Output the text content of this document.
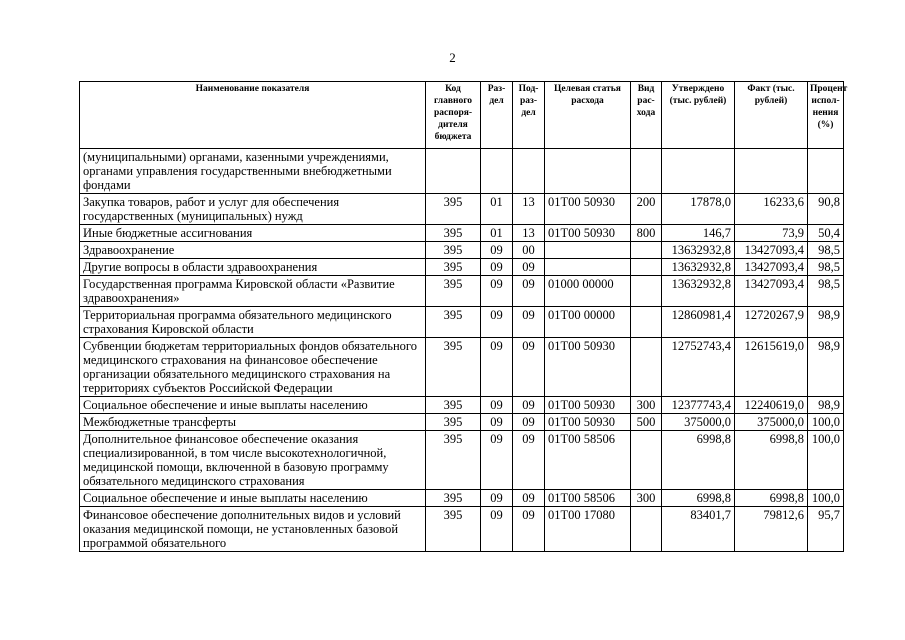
2
Наименование показателя	Код главного распоря-дителя бюджета	Раз-дел	Под-раз-дел	Целевая статья расхода	Вид рас-хода	Утверждено (тыс. рублей)	Факт (тыс. рублей)	Процент испол-нения (%)
(муниципальными) органами, казенными учреждениями, органами управления государственными внебюджетными фондами								
Закупка товаров, работ и услуг для обеспечения государственных (муниципальных) нужд	395	01	13	01Т00 50930	200	17878,0	16233,6	90,8
Иные бюджетные ассигнования	395	01	13	01Т00 50930	800	146,7	73,9	50,4
Здравоохранение	395	09	00			13632932,8	13427093,4	98,5
Другие вопросы в области здравоохранения	395	09	09			13632932,8	13427093,4	98,5
Государственная программа Кировской области «Развитие здравоохранения»	395	09	09	01000 00000		13632932,8	13427093,4	98,5
Территориальная программа обязательного медицинского страхования Кировской области	395	09	09	01Т00 00000		12860981,4	12720267,9	98,9
Субвенции бюджетам территориальных фондов обязательного медицинского страхования на финансовое обеспечение организации обязательного медицинского страхования на территориях субъектов Российской Федерации	395	09	09	01Т00 50930		12752743,4	12615619,0	98,9
Социальное обеспечение и иные выплаты населению	395	09	09	01Т00 50930	300	12377743,4	12240619,0	98,9
Межбюджетные трансферты	395	09	09	01Т00 50930	500	375000,0	375000,0	100,0
Дополнительное финансовое обеспечение оказания специализированной, в том числе высокотехнологичной, медицинской помощи, включенной в базовую программу обязательного медицинского страхования	395	09	09	01Т00 58506		6998,8	6998,8	100,0
Социальное обеспечение и иные выплаты населению	395	09	09	01Т00 58506	300	6998,8	6998,8	100,0
Финансовое обеспечение дополнительных видов и условий оказания медицинской помощи, не установленных базовой программой обязательного	395	09	09	01Т00 17080		83401,7	79812,6	95,7
